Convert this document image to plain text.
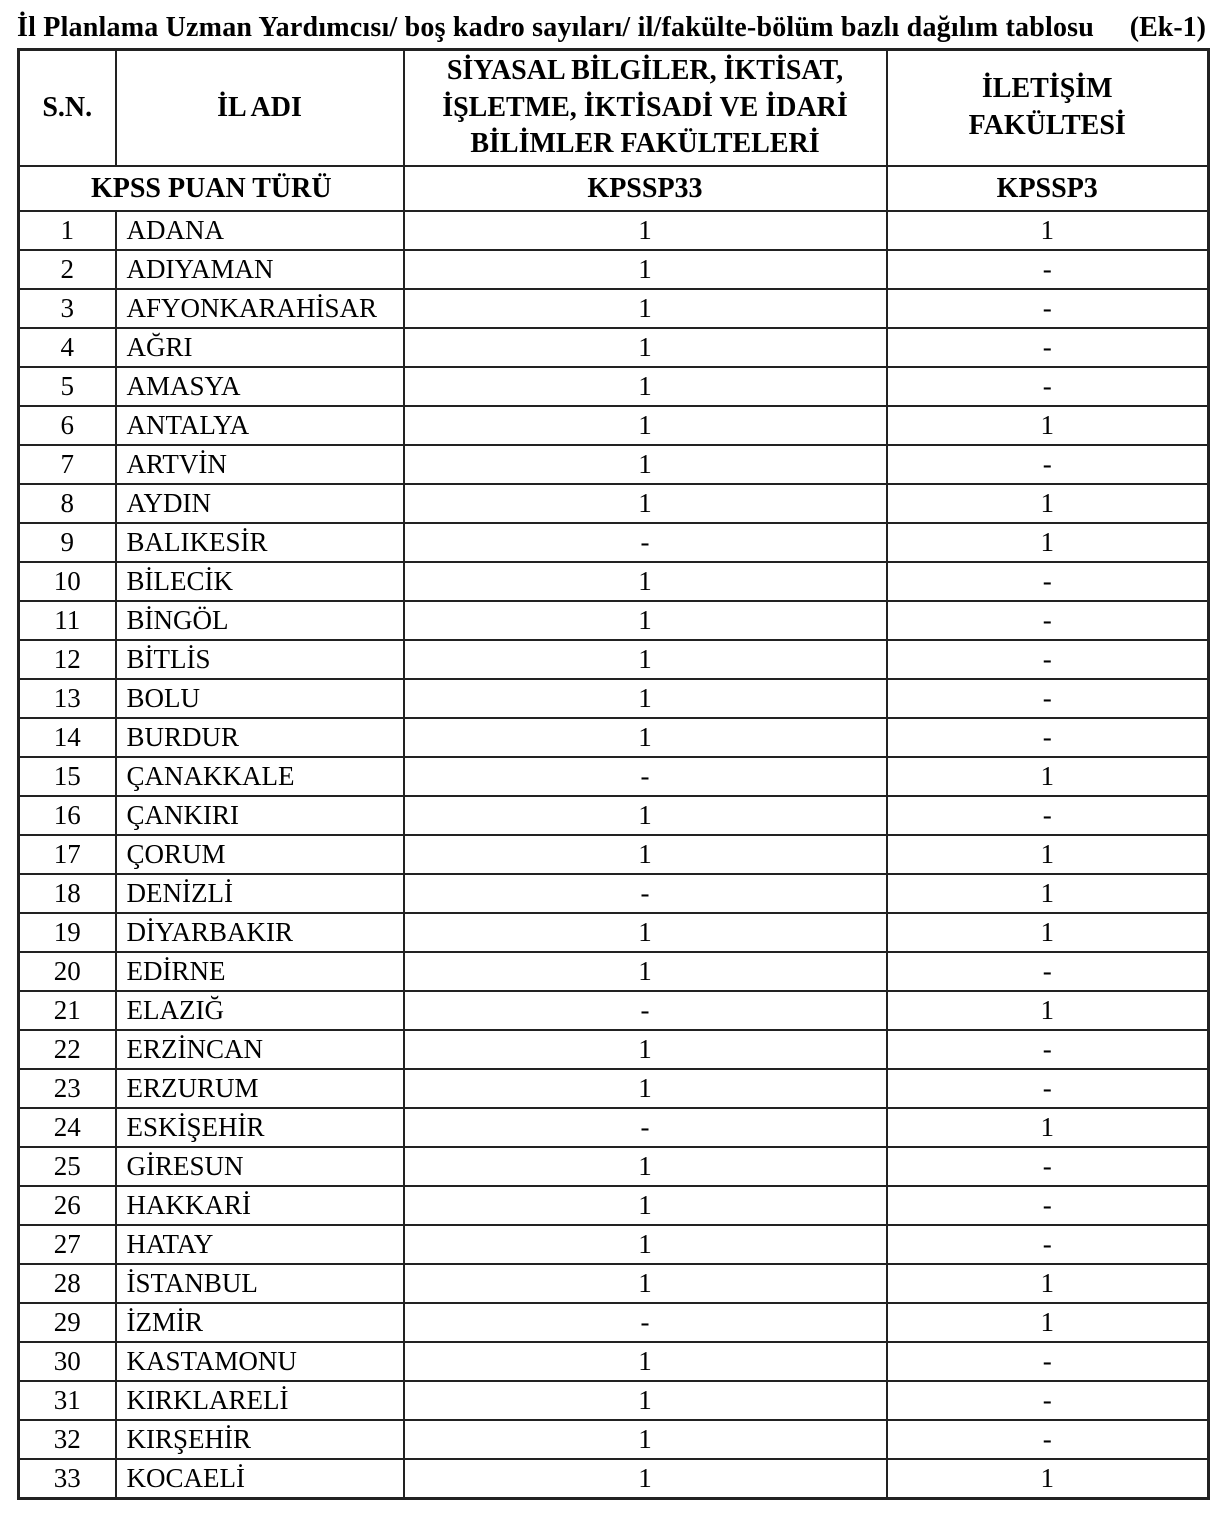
İl Planlama Uzman Yardımcısı/ boş kadro sayıları/ il/fakülte-bölüm bazlı dağılım tablosu (Ek-1)
S.N.	İL ADI	SİYASAL BİLGİLER, İKTİSAT, İŞLETME, İKTİSADİ VE İDARİ BİLİMLER FAKÜLTELERİ	İLETİŞİM FAKÜLTESİ
KPSS PUAN TÜRÜ		KPSSP33	KPSSP3
1	ADANA	1	1
2	ADIYAMAN	1	-
3	AFYONKARAHİSAR	1	-
4	AĞRI	1	-
5	AMASYA	1	-
6	ANTALYA	1	1
7	ARTVİN	1	-
8	AYDIN	1	1
9	BALIKESİR	-	1
10	BİLECİK	1	-
11	BİNGÖL	1	-
12	BİTLİS	1	-
13	BOLU	1	-
14	BURDUR	1	-
15	ÇANAKKALE	-	1
16	ÇANKIRI	1	-
17	ÇORUM	1	1
18	DENİZLİ	-	1
19	DİYARBAKIR	1	1
20	EDİRNE	1	-
21	ELAZIĞ	-	1
22	ERZİNCAN	1	-
23	ERZURUM	1	-
24	ESKİŞEHİR	-	1
25	GİRESUN	1	-
26	HAKKARİ	1	-
27	HATAY	1	-
28	İSTANBUL	1	1
29	İZMİR	-	1
30	KASTAMONU	1	-
31	KIRKLARELİ	1	-
32	KIRŞEHİR	1	-
33	KOCAELİ	1	1
